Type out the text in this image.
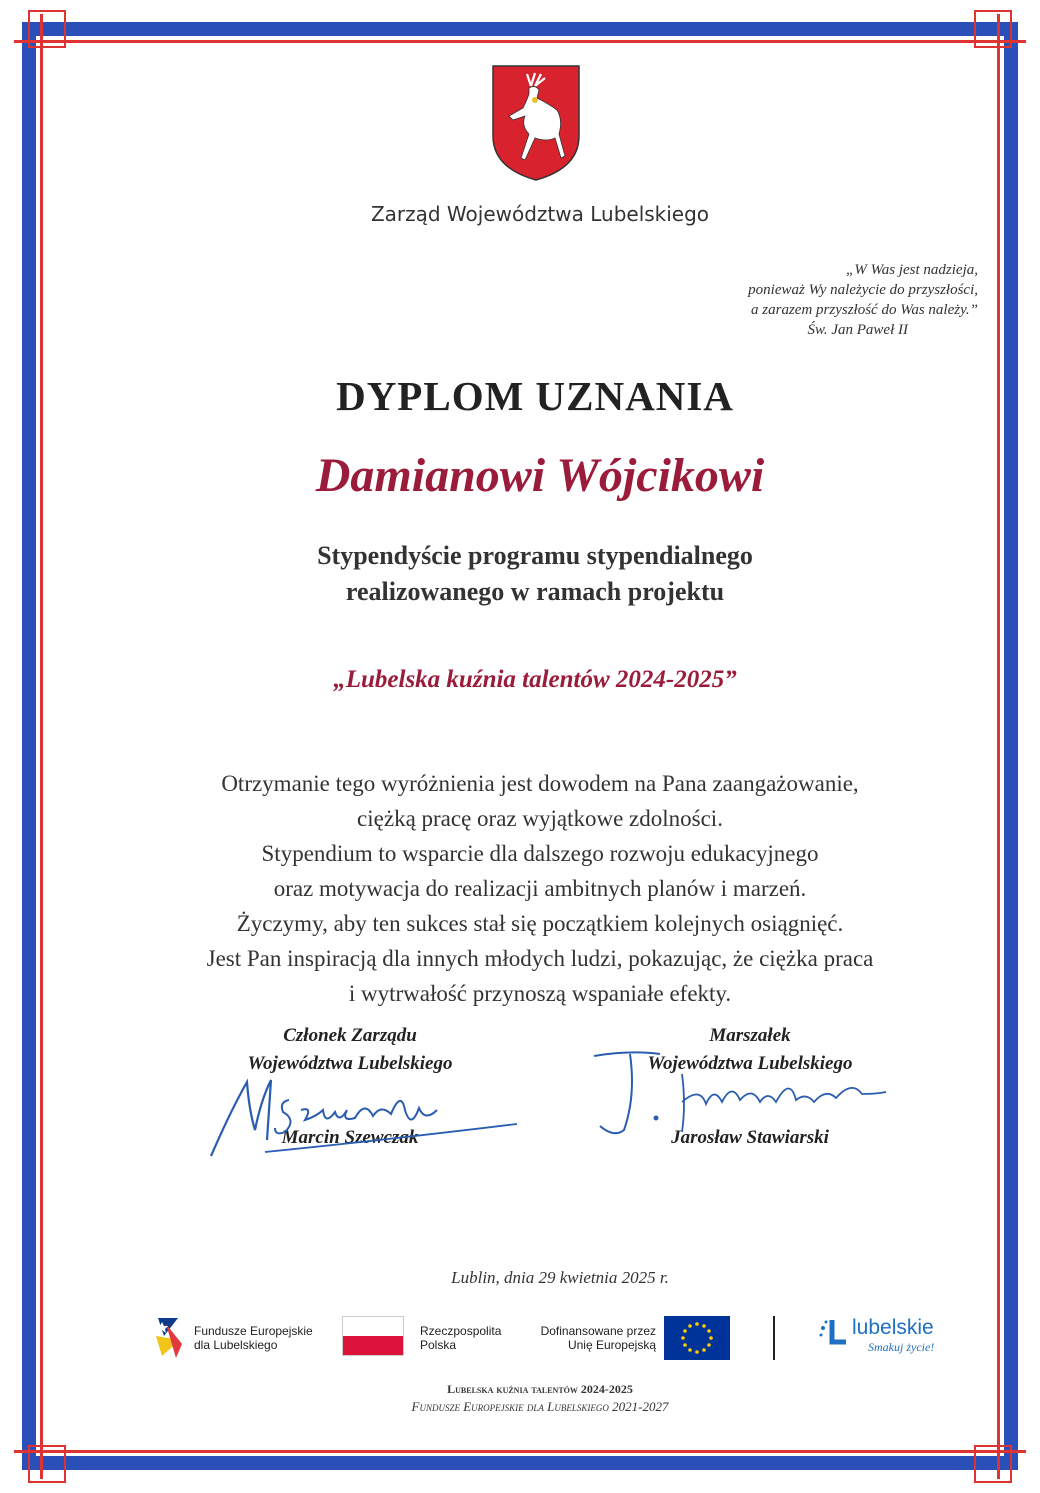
Zarząd Województwa Lubelskiego
„W Was jest nadzieja,
ponieważ Wy należycie do przyszłości,
a zarazem przyszłość do Was należy.”
Św. Jan Paweł II
DYPLOM UZNANIA
Damianowi Wójcikowi
Stypendyście programu stypendialnego
realizowanego w ramach projektu
„Lubelska kuźnia talentów 2024-2025”
Otrzymanie tego wyróżnienia jest dowodem na Pana zaangażowanie,
ciężką pracę oraz wyjątkowe zdolności.
Stypendium to wsparcie dla dalszego rozwoju edukacyjnego
oraz motywacja do realizacji ambitnych planów i marzeń.
Życzymy, aby ten sukces stał się początkiem kolejnych osiągnięć.
Jest Pan inspiracją dla innych młodych ludzi, pokazując, że ciężka praca
i wytrwałość przynoszą wspaniałe efekty.
Członek Zarządu
Województwa Lubelskiego
Marcin Szewczak
Marszałek
Województwa Lubelskiego
Jarosław Stawiarski
Lublin, dnia 29 kwietnia 2025 r.
Fundusze Europejskie
dla Lubelskiego
Rzeczpospolita
Polska
Dofinansowane przez
Unię Europejską
lubelskie
Smakuj życie!
Lubelska kuźnia talentów 2024-2025
Fundusze Europejskie dla Lubelskiego 2021-2027
